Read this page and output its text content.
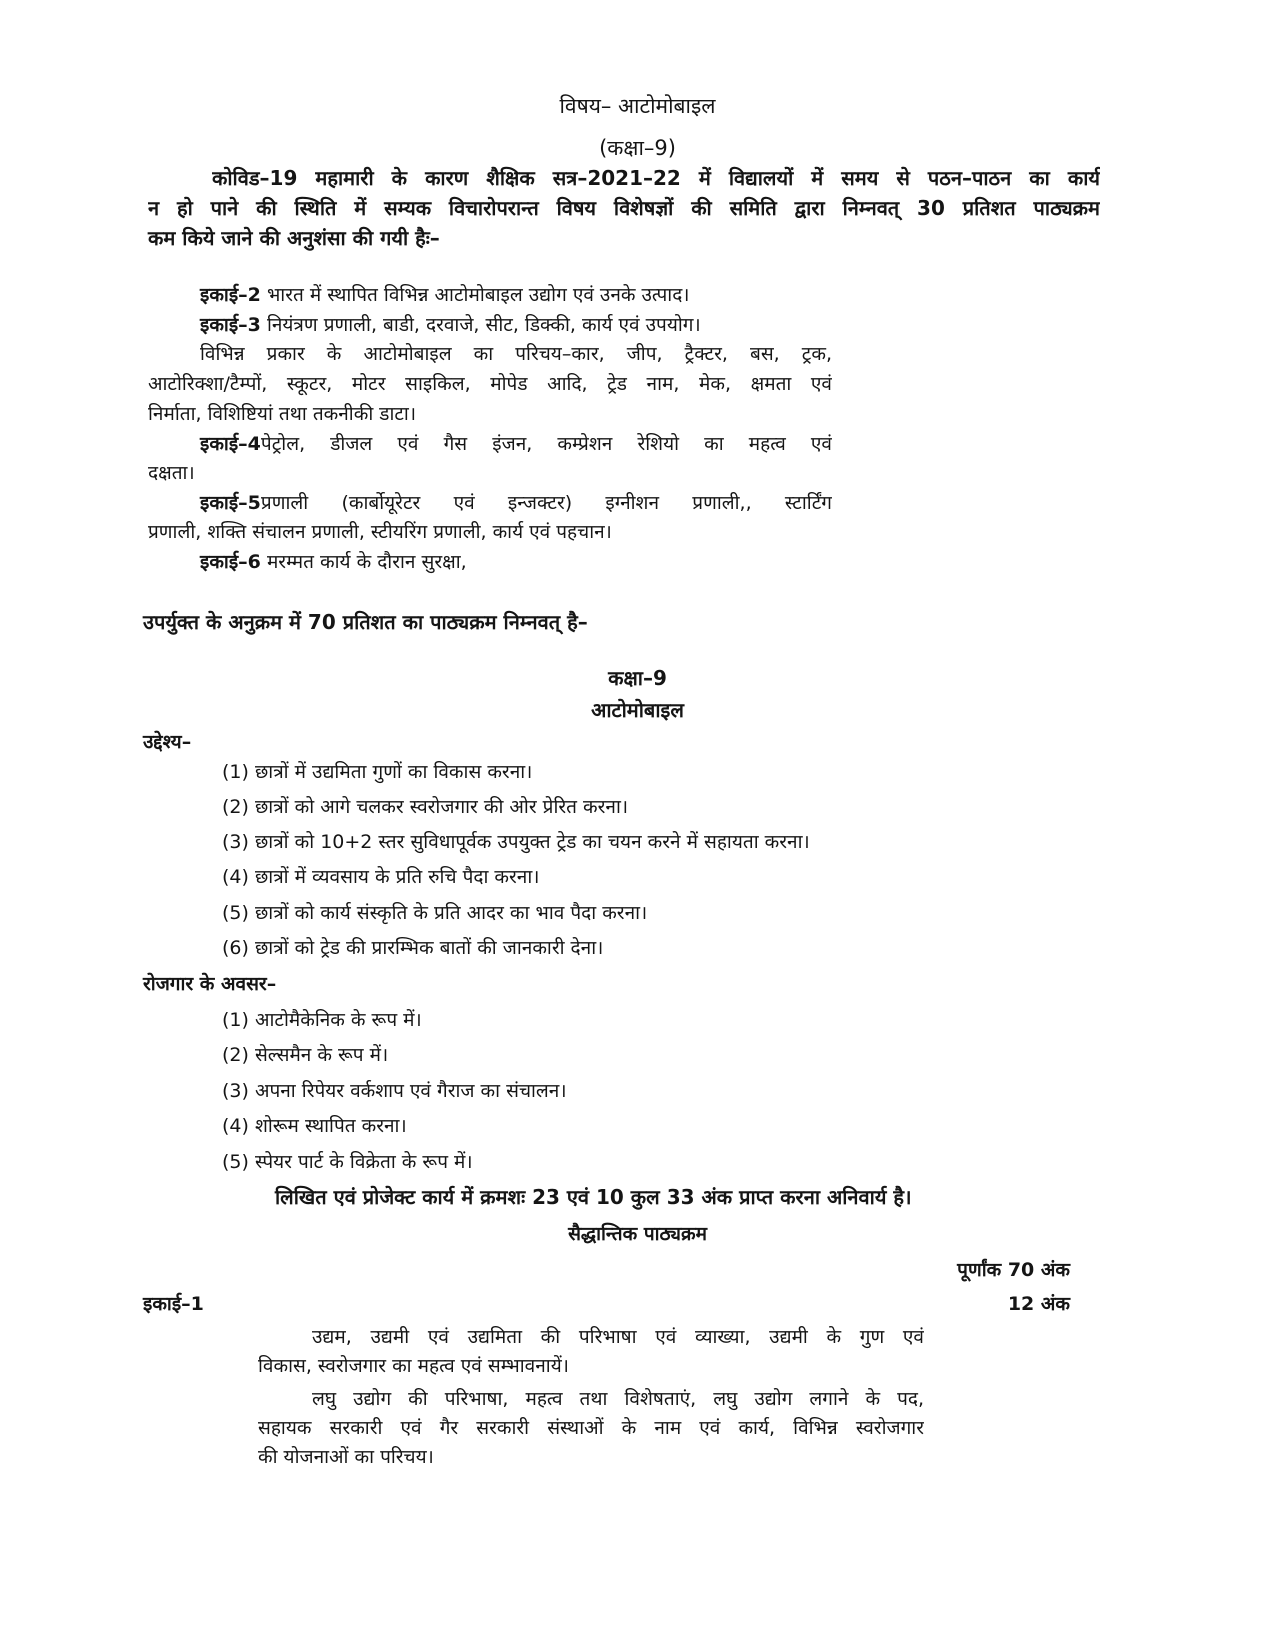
विषय– आटोमोबाइल
(कक्षा–9)
कोविड–19 महामारी के कारण शैक्षिक सत्र–2021–22 में विद्यालयों में समय से पठन–पाठन का कार्य
न हो पाने की स्थिति में सम्यक विचारोपरान्त विषय विशेषज्ञों की समिति द्वारा निम्नवत् 30 प्रतिशत पाठ्यक्रम
कम किये जाने की अनुशंसा की गयी हैः–
इकाई–2 भारत में स्थापित विभिन्न आटोमोबाइल उद्योग एवं उनके उत्पाद।
इकाई–3 नियंत्रण प्रणाली, बाडी, दरवाजे, सीट, डिक्की, कार्य एवं उपयोग।
विभिन्न प्रकार के आटोमोबाइल का परिचय–कार, जीप, ट्रैक्टर, बस, ट्रक,
आटोरिक्शा/टैम्पों, स्कूटर, मोटर साइकिल, मोपेड आदि, ट्रेड नाम, मेक, क्षमता एवं
निर्माता, विशिष्टियां तथा तकनीकी डाटा।
इकाई–4 पेट्रोल, डीजल एवं गैस इंजन, कम्प्रेशन रेशियो का महत्व एवं
दक्षता।
इकाई–5 प्रणाली (कार्बोयूरेटर एवं इन्जक्टर) इग्नीशन प्रणाली,, स्टार्टिंग
प्रणाली, शक्ति संचालन प्रणाली, स्टीयरिंग प्रणाली, कार्य एवं पहचान।
इकाई–6 मरम्मत कार्य के दौरान सुरक्षा,
उपर्युक्त के अनुक्रम में 70 प्रतिशत का पाठ्यक्रम निम्नवत् है–
कक्षा–9
आटोमोबाइल
उद्देश्य–
(1) छात्रों में उद्यमिता गुणों का विकास करना।
(2) छात्रों को आगे चलकर स्वरोजगार की ओर प्रेरित करना।
(3) छात्रों को 10+2 स्तर सुविधापूर्वक उपयुक्त ट्रेड का चयन करने में सहायता करना।
(4) छात्रों में व्यवसाय के प्रति रुचि पैदा करना।
(5) छात्रों को कार्य संस्कृति के प्रति आदर का भाव पैदा करना।
(6) छात्रों को ट्रेड की प्रारम्भिक बातों की जानकारी देना।
रोजगार के अवसर–
(1) आटोमैकेनिक के रूप में।
(2) सेल्समैन के रूप में।
(3) अपना रिपेयर वर्कशाप एवं गैराज का संचालन।
(4) शोरूम स्थापित करना।
(5) स्पेयर पार्ट के विक्रेता के रूप में।
लिखित एवं प्रोजेक्ट कार्य में क्रमशः 23 एवं 10 कुल 33 अंक प्राप्त करना अनिवार्य है।
सैद्धान्तिक पाठ्यक्रम
पूर्णांक 70 अंक
इकाई–1	12 अंक
उद्यम, उद्यमी एवं उद्यमिता की परिभाषा एवं व्याख्या, उद्यमी के गुण एवं
विकास, स्वरोजगार का महत्व एवं सम्भावनायें।
लघु उद्योग की परिभाषा, महत्व तथा विशेषताएं, लघु उद्योग लगाने के पद,
सहायक सरकारी एवं गैर सरकारी संस्थाओं के नाम एवं कार्य, विभिन्न स्वरोजगार
की योजनाओं का परिचय।
